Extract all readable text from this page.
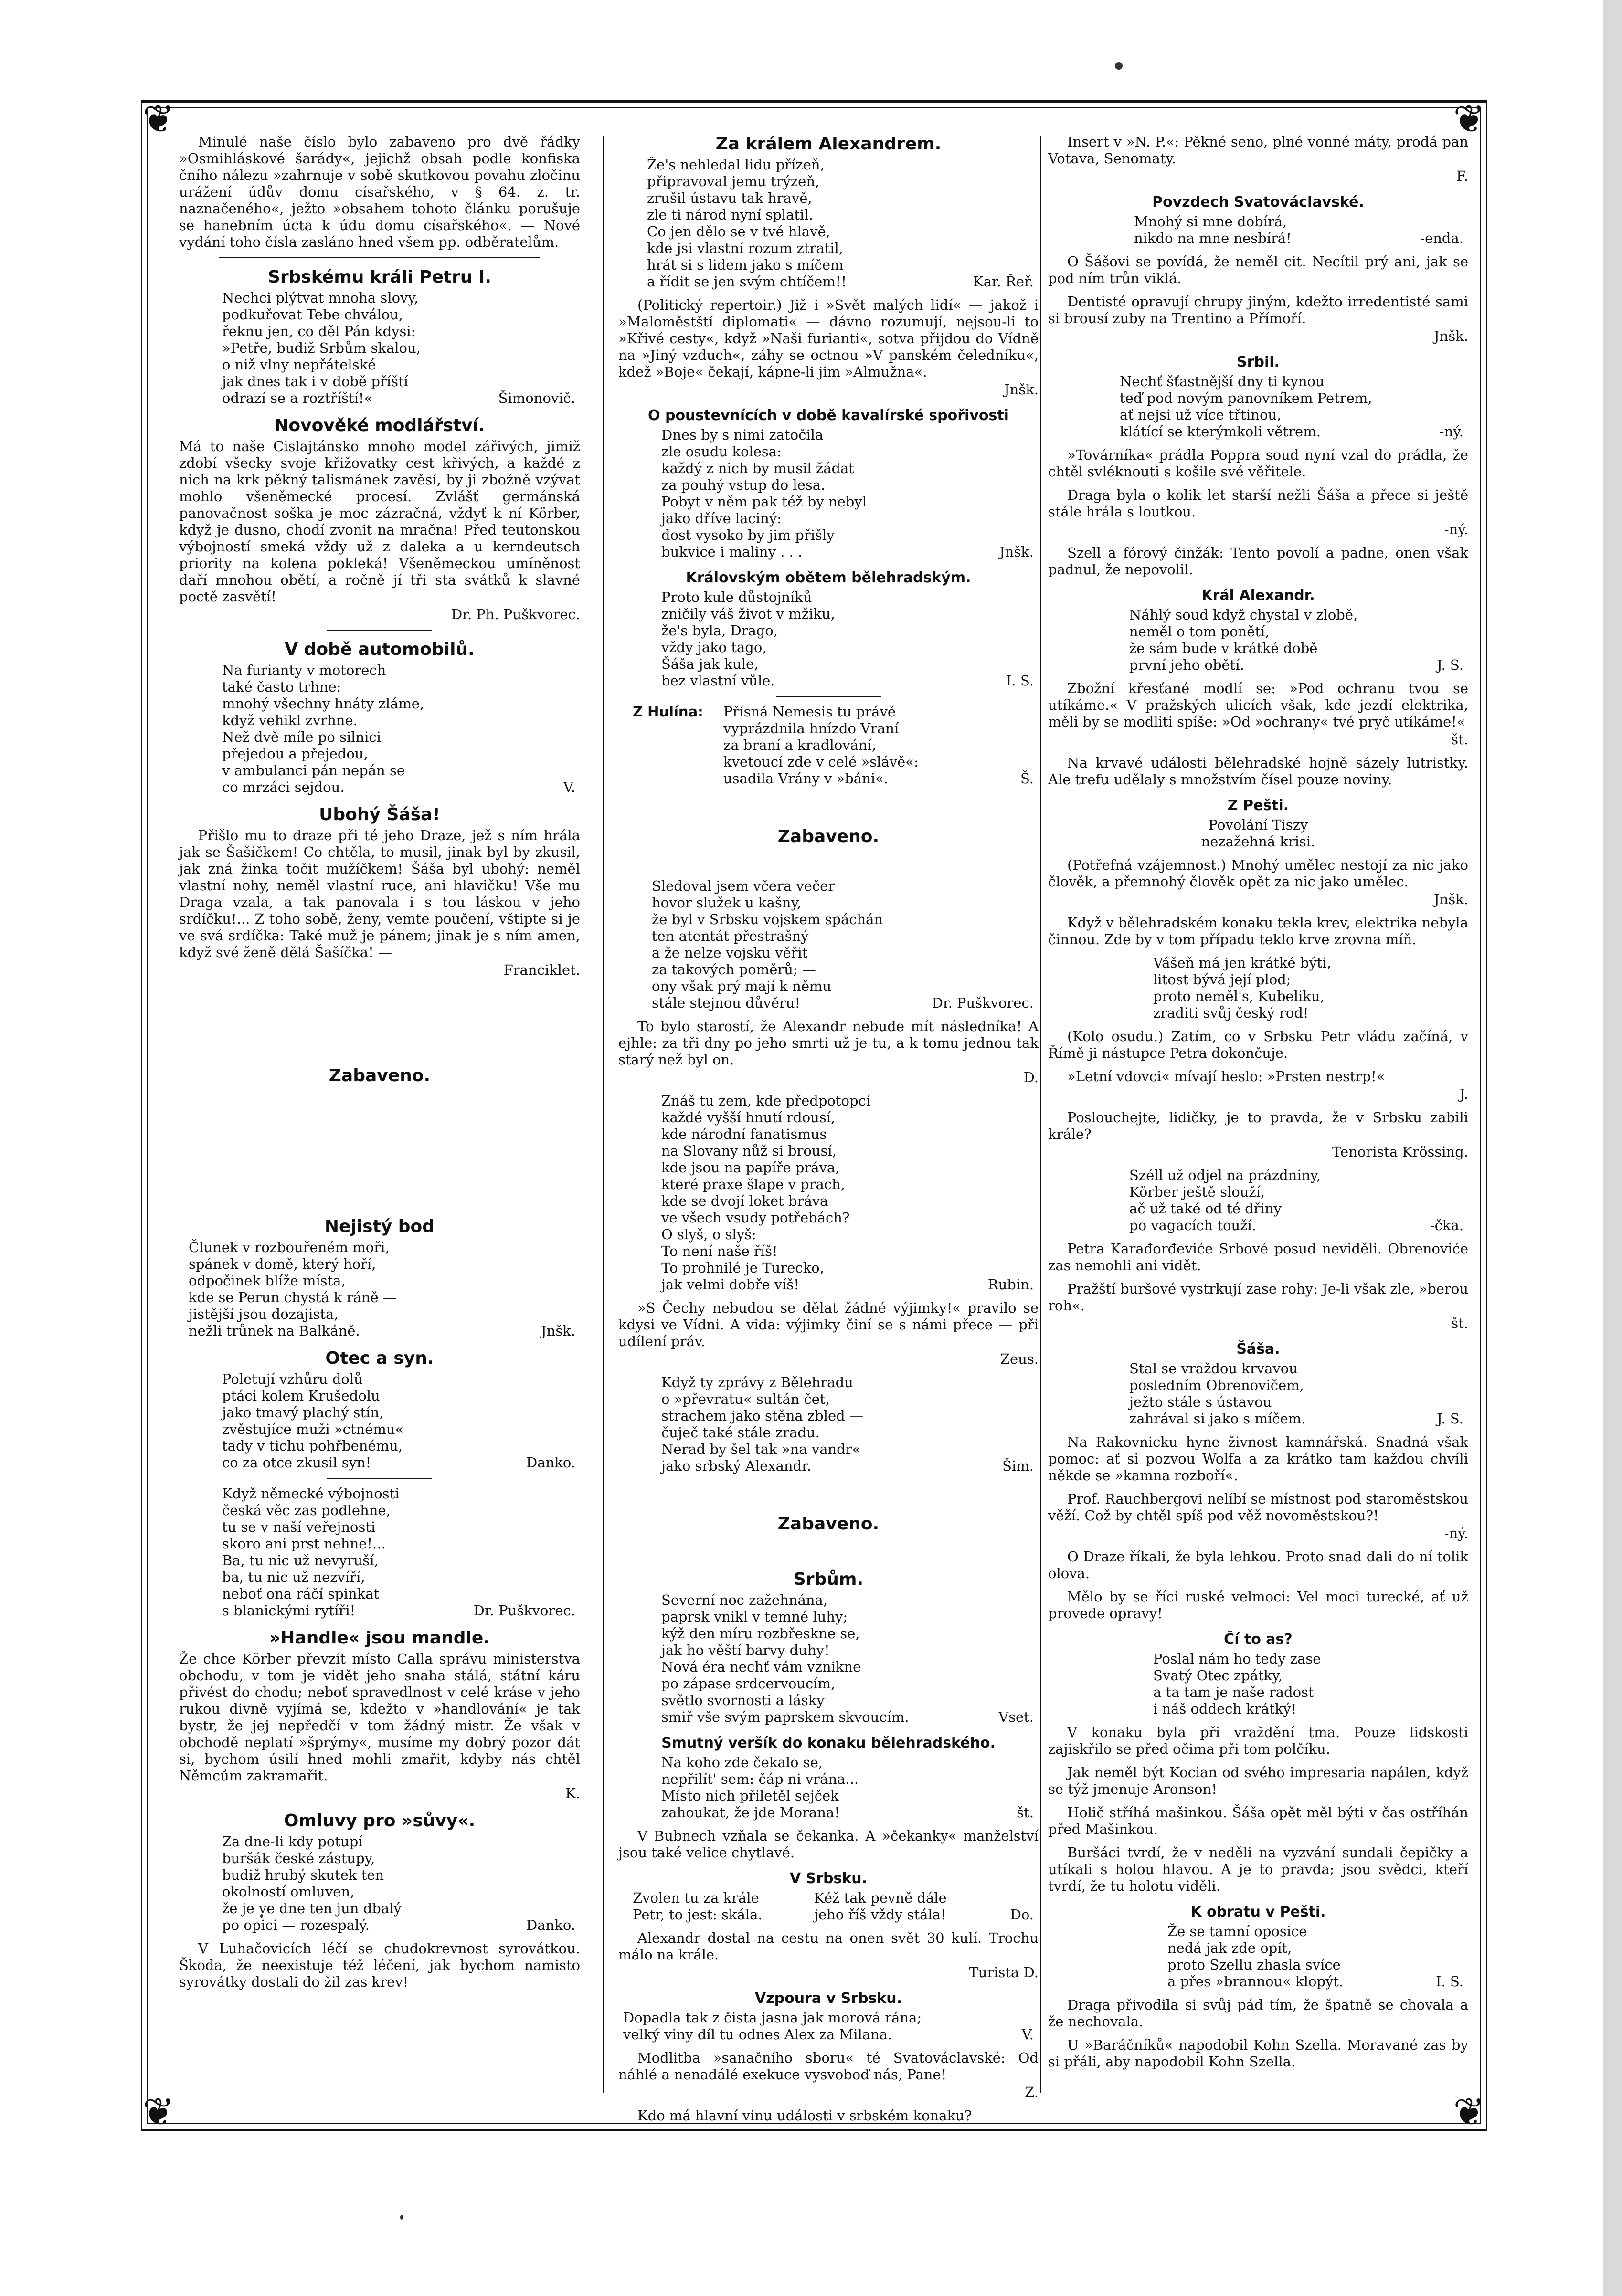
❦	❦
❦	❦

Minulé naše číslo bylo zabaveno pro dvě řádky »Osmihláskové šarády«, jejichž obsah podle konfiska čního nálezu »zahrnuje v sobě skutkovou povahu zločinu urážení údův domu císařského, v § 64. z. tr. naznačeného«, ježto »obsahem tohoto článku porušuje se hanebním úcta k údu domu císařského«. — Nové vydání toho čísla zasláno hned všem pp. odběratelům.

Srbskému králi Petru I.
Nechci plýtvat mnoha slovy,
podkuřovat Tebe chválou,
řeknu jen, co děl Pán kdysi:
»Petře, budiž Srbům skalou,
o niž vlny nepřátelské
jak dnes tak i v době příští
odrazí se a roztříští!«	Šimonovič.
Novověké modlářství.

Má to naše Cislajtánsko mnoho model zářivých, jimiž zdobí všecky svoje křižovatky cest křivých, a každé z nich na krk pěkný talismánek zavěsí, by ji zbožně vzývat mohlo všeněmecké procesí. Zvlášť germánská panovačnost soška je moc zázračná, vždyť k ní Körber, když je dusno, chodí zvonit na mračna! Před teutonskou výbojností smeká vždy už z daleka a u kerndeutsch priority na kolena pokleká! Všeněmeckou umíněnost daří mnohou obětí, a ročně jí tři sta svátků k slavné poctě zasvětí!

Dr. Ph. Puškvorec.
V době automobilů.
Na furianty v motorech
také často trhne:
mnohý všechny hnáty zláme,
když vehikl zvrhne.
Než dvě míle po silnici
přejedou a přejedou,
v ambulanci pán nepán se
co mrzáci sejdou.	V.
Ubohý Šáša!

Přišlo mu to draze při té jeho Draze, jež s ním hrála jak se Šašíčkem! Co chtěla, to musil, jinak byl by zkusil, jak zná žinka točit mužíčkem! Šáša byl ubohý: neměl vlastní nohy, neměl vlastní ruce, ani hlavičku! Vše mu Draga vzala, a tak panovala i s tou láskou v jeho srdíčku!... Z toho sobě, ženy, vemte poučení, vštipte si je ve svá srdíčka: Také muž je pánem; jinak je s ním amen, když své ženě dělá Šašíčka! —

Franciklet.
Zabaveno.
Nejistý bod
Člunek v rozbouřeném moři,
spánek v domě, který hoří,
odpočinek blíže místa,
kde se Perun chystá k ráně —
jistější jsou dozajista,
nežli trůnek na Balkáně.	Jnšk.
Otec a syn.
Poletují vzhůru dolů
ptáci kolem Krušedolu
jako tmavý plachý stín,
zvěstujíce muži »ctnému«
tady v tichu pohřbenému,
co za otce zkusil syn!	Danko.
Když německé výbojnosti
česká věc zas podlehne,
tu se v naší veřejnosti
skoro ani prst nehne!...
Ba, tu nic už nevyruší,
ba, tu nic už nezvíří,
neboť ona ráčí spinkat
s blanickými rytíři!	Dr. Puškvorec.
»Handle« jsou mandle.

Že chce Körber převzít místo Calla správu ministerstva obchodu, v tom je vidět jeho snaha stálá, státní káru přivést do chodu; neboť spravedlnost v celé kráse v jeho rukou divně vyjímá se, kdežto v »handlování« je tak bystr, že jej nepředčí v tom žádný mistr. Že však v obchodě neplatí »šprýmy«, musíme my dobrý pozor dát si, bychom úsilí hned mohli zmařit, kdyby nás chtěl Němcům zakramařit.

K.
Omluvy pro »sůvy«.
Za dne-li kdy potupí
buršák české zástupy,
budiž hrubý skutek ten
okolností omluven,
že je ve dne ten jun dbalý
po opici — rozespalý.	Danko.

V Luhačovicích léčí se chudokrevnost syrovátkou. Škoda, že neexistuje též léčení, jak bychom namisto syrovátky dostali do žil zas krev!

Za králem Alexandrem.
Že's nehledal lidu přízeň,
připravoval jemu trýzeň,
zrušil ústavu tak hravě,
zle ti národ nyní splatil.
Co jen dělo se v tvé hlavě,
kde jsi vlastní rozum ztratil,
hrát si s lidem jako s míčem
a řídit se jen svým chtíčem!!	Kar. Řeř.

(Politický repertoir.) Již i »Svět malých lidí« — jakož i »Maloměstští diplomati« — dávno rozumují, nejsou-li to »Křivé cesty«, když »Naši furianti«, sotva přijdou do Vídně na »Jiný vzduch«, záhy se octnou »V panském čeledníku«, kdež »Boje« čekají, kápne-li jim »Almužna«.

Jnšk.
O poustevnících v době kavalírské spořivosti
Dnes by s nimi zatočila
zle osudu kolesa:
každý z nich by musil žádat
za pouhý vstup do lesa.
Pobyt v něm pak též by nebyl
jako dříve laciný:
dost vysoko by jim přišly
bukvice i maliny . . .	Jnšk.
Královským obětem bělehradským.
Proto kule důstojníků
zničily váš život v mžiku,
že's byla, Drago,
vždy jako tago,
Šáša jak kule,
bez vlastní vůle.	I. S.
Z Hulína: Přísná Nemesis tu právě
vyprázdnila hnízdo Vraní
za braní a kradlování,
kvetoucí zde v celé »slávě«:
usadila Vrány v »báni«.	Š.
Zabaveno.
Sledoval jsem včera večer
hovor služek u kašny,
že byl v Srbsku vojskem spáchán
ten atentát přestrašný
a že nelze vojsku věřit
za takových poměrů; —
ony však prý mají k němu
stále stejnou důvěru!	Dr. Puškvorec.

To bylo starostí, že Alexandr nebude mít následníka! A ejhle: za tři dny po jeho smrti už je tu, a k tomu jednou tak starý než byl on.

D.
Znáš tu zem, kde předpotopcí
každé vyšší hnutí rdousí,
kde národní fanatismus
na Slovany nůž si brousí,
kde jsou na papíře práva,
které praxe šlape v prach,
kde se dvojí loket bráva
ve všech vsudy potřebách?
O slyš, o slyš:
To není naše říš!
To prohnilé je Turecko,
jak velmi dobře víš!	Rubin.

»S Čechy nebudou se dělat žádné výjimky!« pravilo se kdysi ve Vídni. A vida: výjimky činí se s námi přece — při udílení práv.

Zeus.
Když ty zprávy z Bělehradu
o »převratu« sultán čet,
strachem jako stěna zbled —
čuječ také stále zradu.
Nerad by šel tak »na vandr«
jako srbský Alexandr.	Šim.
Zabaveno.
Srbům.
Severní noc zažehnána,
paprsk vnikl v temné luhy;
kýž den míru rozbřeskne se,
jak ho věští barvy duhy!
Nová éra nechť vám vznikne
po zápase srdcervoucím,
světlo svornosti a lásky
smiř vše svým paprskem skvoucím.	Vset.
Smutný veršík do konaku bělehradského.
Na koho zde čekalo se,
nepřilít' sem: čáp ni vrána...
Místo nich přiletěl sejček
zahoukat, že jde Morana!	št.

V Bubnech vzňala se čekanka. A »čekanky« manželství jsou také velice chytlavé.

V Srbsku.
Zvolen tu za krále	Kéž tak pevně dále
Petr, to jest: skála.	jeho říš vždy stála!	Do.

Alexandr dostal na cestu na onen svět 30 kulí. Trochu málo na krále.

Turista D.
Vzpoura v Srbsku.
Dopadla tak z čista jasna jak morová rána;
velký viny díl tu odnes Alex za Milana.	V.

Modlitba »sanačního sboru« té Svatováclavské: Od náhlé a nenadálé exekuce vysvoboď nás, Pane!

Z.

Kdo má hlavní vinu události v srbském konaku?

Insert v »N. P.«: Pěkné seno, plné vonné máty, prodá pan Votava, Senomaty.

F.
Povzdech Svatováclavské.
Mnohý si mne dobírá,
nikdo na mne nesbírá!	-enda.

O Šášovi se povídá, že neměl cit. Necítil prý ani, jak se pod ním trůn viklá.

Dentisté opravují chrupy jiným, kdežto irredentisté sami si brousí zuby na Trentino a Přímoří.

Jnšk.
Srbil.
Nechť šťastnější dny ti kynou
teď pod novým panovníkem Petrem,
ať nejsi už více třtinou,
klátící se kterýmkoli větrem.	-ný.

»Továrníka« prádla Poppra soud nyní vzal do prádla, že chtěl svléknouti s košile své věřitele.

Draga byla o kolik let starší nežli Šáša a přece si ještě stále hrála s loutkou.

-ný.

Szell a fórový činžák: Tento povolí a padne, onen však padnul, že nepovolil.

Král Alexandr.
Náhlý soud když chystal v zlobě,
neměl o tom ponětí,
že sám bude v krátké době
první jeho obětí.	J. S.

Zbožní křesťané modlí se: »Pod ochranu tvou se utíkáme.« V pražských ulicích však, kde jezdí elektrika, měli by se modliti spíše: »Od »ochrany« tvé pryč utíkáme!«

št.

Na krvavé události bělehradské hojně sázely lutristky. Ale trefu udělaly s množstvím čísel pouze noviny.

Z Pešti.
Povolání Tiszy
nezažehná krisi.

(Potřefná vzájemnost.) Mnohý umělec nestojí za nic jako člověk, a přemnohý člověk opět za nic jako umělec.

Jnšk.

Když v bělehradském konaku tekla krev, elektrika nebyla činnou. Zde by v tom případu teklo krve zrovna míň.

Vášeň má jen krátké býti,
litost bývá její plod;
proto neměl's, Kubeliku,
zraditi svůj český rod!

(Kolo osudu.) Zatím, co v Srbsku Petr vládu začíná, v Římě ji nástupce Petra dokončuje.

»Letní vdovci« mívají heslo: »Prsten nestrp!«

J.

Poslouchejte, lidičky, je to pravda, že v Srbsku zabili krále?

Tenorista Krössing.
Széll už odjel na prázdniny,
Körber ještě slouží,
ač už také od té dřiny
po vagacích touží.	-čka.

Petra Karađorđeviće Srbové posud neviděli. Obrenoviće zas nemohli ani vidět.

Pražští buršové vystrkují zase rohy: Je-li však zle, »berou roh«.

št.
Šáša.
Stal se vraždou krvavou
posledním Obrenovičem,
ježto stále s ústavou
zahrával si jako s míčem.	J. S.

Na Rakovnicku hyne živnost kamnářská. Snadná však pomoc: ať si pozvou Wolfa a za krátko tam každou chvíli někde se »kamna rozboří«.

Prof. Rauchbergovi nelíbí se místnost pod staroměstskou věží. Což by chtěl spíš pod věž novoměstskou?!

-ný.

O Draze říkali, že byla lehkou. Proto snad dali do ní tolik olova.

Mělo by se říci ruské velmoci: Vel moci turecké, ať už provede opravy!

Čí to as?
Poslal nám ho tedy zase
Svatý Otec zpátky,
a ta tam je naše radost
i náš oddech krátký!

V konaku byla při vraždění tma. Pouze lidskosti zajiskřilo se před očima při tom polčíku.

Jak neměl být Kocian od svého impresaria napálen, když se týž jmenuje Aronson!

Holič stříhá mašinkou. Šáša opět měl býti v čas ostříhán před Mašinkou.

Buršáci tvrdí, že v neděli na vyzvání sundali čepičky a utíkali s holou hlavou. A je to pravda; jsou svědci, kteří tvrdí, že tu holotu viděli.

K obratu v Pešti.
Že se tamní oposice
nedá jak zde opít,
proto Szellu zhasla svíce
a přes »brannou« klopýt.	I. S.

Draga přivodila si svůj pád tím, že špatně se chovala a že nechovala.

U »Baráčníků« napodobil Kohn Szella. Moravané zas by si přáli, aby napodobil Kohn Szella.
